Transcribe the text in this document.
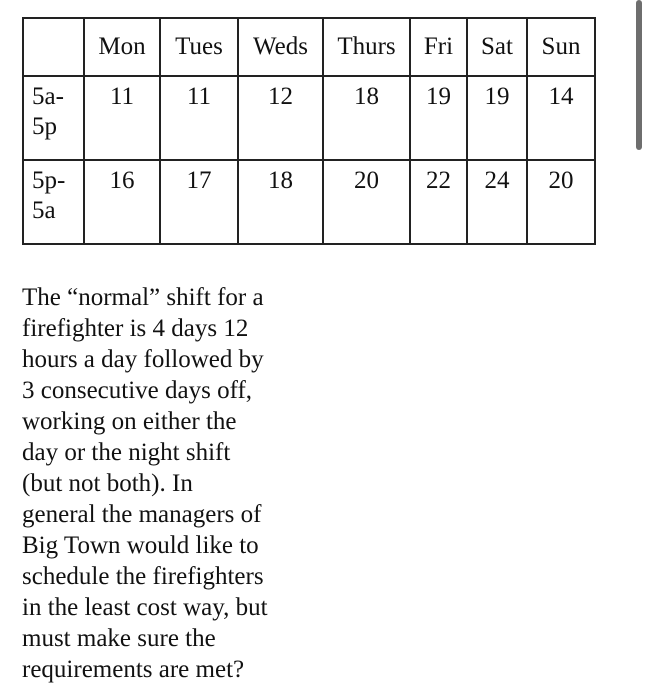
	Mon	Tues	Weds	Thurs	Fri	Sat	Sun

5a-
5p	11	11	12	18	19	19	14

5p-
5a	16	17	18	20	22	24	20

The “normal” shift for a
firefighter is 4 days 12
hours a day followed by
3 consecutive days off,
working on either the
day or the night shift
(but not both). In
general the managers of
Big Town would like to
schedule the firefighters
in the least cost way, but
must make sure the
requirements are met?
